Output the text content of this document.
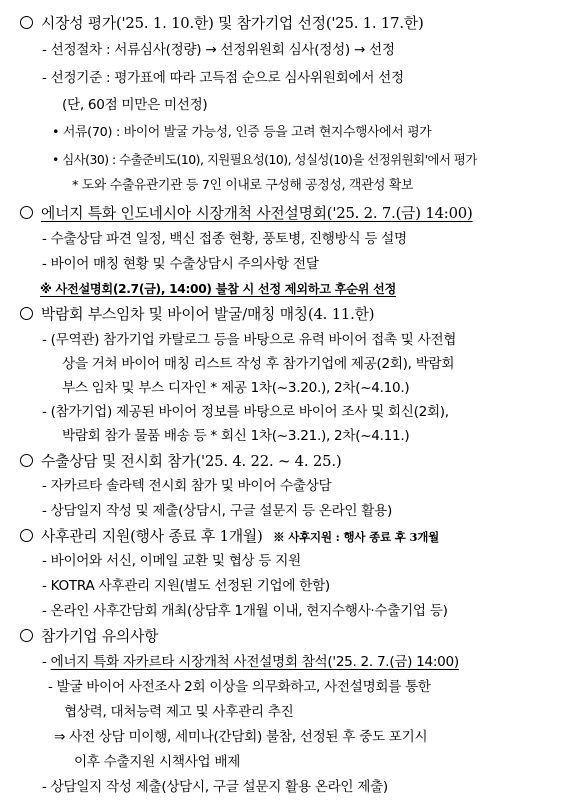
시장성 평가('25. 1. 10.한) 및 참가기업 선정('25. 1. 17.한)
- 선정절차 : 서류심사(정량) → 선정위원회 심사(정성) → 선정
- 선정기준 : 평가표에 따라 고득점 순으로 심사위원회에서 선정
(단, 60점 미만은 미선정)
• 서류(70) : 바이어 발굴 가능성, 인증 등을 고려 현지수행사에서 평가
• 심사(30) : 수출준비도(10), 지원필요성(10), 성실성(10)을 선정위원회'에서 평가
* 도와 수출유관기관 등 7인 이내로 구성해 공정성, 객관성 확보
에너지 특화 인도네시아 시장개척 사전설명회('25. 2. 7.(금) 14:00)
- 수출상담 파견 일정, 백신 접종 현황, 풍토병, 진행방식 등 설명
- 바이어 매칭 현황 및 수출상담시 주의사항 전달
※ 사전설명회(2.7(금), 14:00) 불참 시 선정 제외하고 후순위 선정
박람회 부스임차 및 바이어 발굴/매칭 매칭(4. 11.한)
- (무역관) 참가기업 카탈로그 등을 바탕으로 유력 바이어 접촉 및 사전협
상을 거쳐 바이어 매칭 리스트 작성 후 참가기업에 제공(2회), 박람회
부스 임차 및 부스 디자인 * 제공 1차(~3.20.), 2차(~4.10.)
- (참가기업) 제공된 바이어 정보를 바탕으로 바이어 조사 및 회신(2회),
박람회 참가 물품 배송 등 * 회신 1차(~3.21.), 2차(~4.11.)
수출상담 및 전시회 참가('25. 4. 22. ~ 4. 25.)
- 자카르타 솔라텍 전시회 참가 및 바이어 수출상담
- 상담일지 작성 및 제출(상담시, 구글 설문지 등 온라인 활용)
사후관리 지원(행사 종료 후 1개월) ※ 사후지원 : 행사 종료 후 3개월
- 바이어와 서신, 이메일 교환 및 협상 등 지원
- KOTRA 사후관리 지원(별도 선정된 기업에 한함)
- 온라인 사후간담회 개최(상담후 1개월 이내, 현지수행사·수출기업 등)
참가기업 유의사항
- 에너지 특화 자카르타 시장개척 사전설명회 참석('25. 2. 7.(금) 14:00)
- 발굴 바이어 사전조사 2회 이상을 의무화하고, 사전설명회를 통한
협상력, 대처능력 제고 및 사후관리 추진
⇒ 사전 상담 미이행, 세미나(간담회) 불참, 선정된 후 중도 포기시
이후 수출지원 시책사업 배제
- 상담일지 작성 제출(상담시, 구글 설문지 활용 온라인 제출)
